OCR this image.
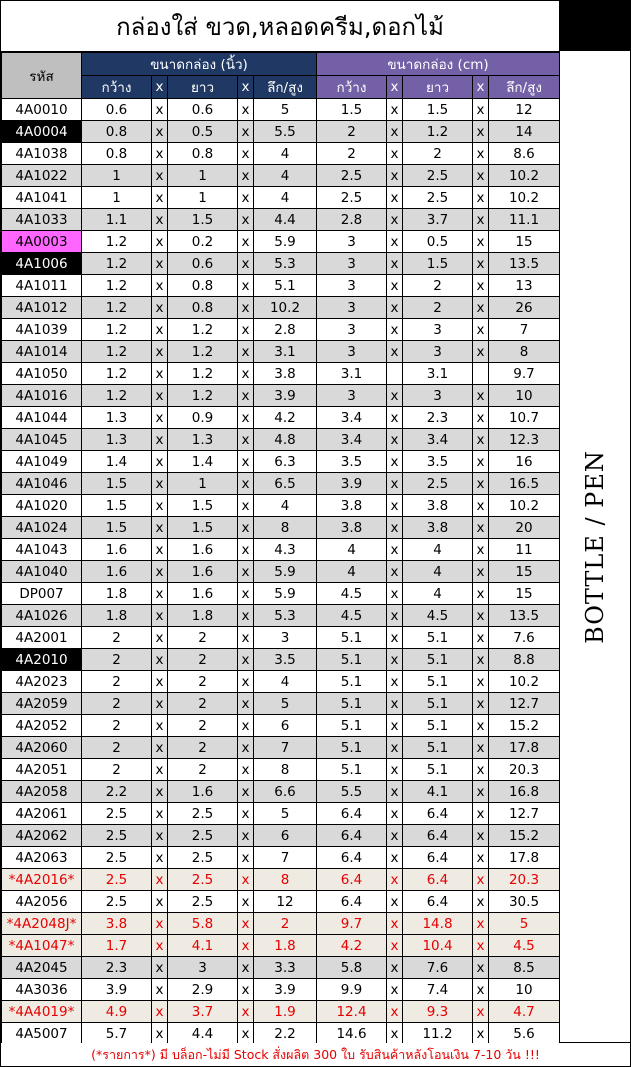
กล่องใส่ ขวด,หลอดครีม,ดอกไม้
รหัส	ขนาดกล่อง (นิ้ว)					ขนาดกล่อง (cm)				
	กว้าง	x	ยาว	x	ลึก/สูง	กว้าง	x	ยาว	x	ลึก/สูง
4A0010	0.6	x	0.6	x	5	1.5	x	1.5	x	12
4A0004	0.8	x	0.5	x	5.5	2	x	1.2	x	14
4A1038	0.8	x	0.8	x	4	2	x	2	x	8.6
4A1022	1	x	1	x	4	2.5	x	2.5	x	10.2
4A1041	1	x	1	x	4	2.5	x	2.5	x	10.2
4A1033	1.1	x	1.5	x	4.4	2.8	x	3.7	x	11.1
4A0003	1.2	x	0.2	x	5.9	3	x	0.5	x	15
4A1006	1.2	x	0.6	x	5.3	3	x	1.5	x	13.5
4A1011	1.2	x	0.8	x	5.1	3	x	2	x	13
4A1012	1.2	x	0.8	x	10.2	3	x	2	x	26
4A1039	1.2	x	1.2	x	2.8	3	x	3	x	7
4A1014	1.2	x	1.2	x	3.1	3	x	3	x	8
4A1050	1.2	x	1.2	x	3.8	3.1		3.1		9.7
4A1016	1.2	x	1.2	x	3.9	3	x	3	x	10
4A1044	1.3	x	0.9	x	4.2	3.4	x	2.3	x	10.7
4A1045	1.3	x	1.3	x	4.8	3.4	x	3.4	x	12.3
4A1049	1.4	x	1.4	x	6.3	3.5	x	3.5	x	16
4A1046	1.5	x	1	x	6.5	3.9	x	2.5	x	16.5
4A1020	1.5	x	1.5	x	4	3.8	x	3.8	x	10.2
4A1024	1.5	x	1.5	x	8	3.8	x	3.8	x	20
4A1043	1.6	x	1.6	x	4.3	4	x	4	x	11
4A1040	1.6	x	1.6	x	5.9	4	x	4	x	15
DP007	1.8	x	1.6	x	5.9	4.5	x	4	x	15
4A1026	1.8	x	1.8	x	5.3	4.5	x	4.5	x	13.5
4A2001	2	x	2	x	3	5.1	x	5.1	x	7.6
4A2010	2	x	2	x	3.5	5.1	x	5.1	x	8.8
4A2023	2	x	2	x	4	5.1	x	5.1	x	10.2
4A2059	2	x	2	x	5	5.1	x	5.1	x	12.7
4A2052	2	x	2	x	6	5.1	x	5.1	x	15.2
4A2060	2	x	2	x	7	5.1	x	5.1	x	17.8
4A2051	2	x	2	x	8	5.1	x	5.1	x	20.3
4A2058	2.2	x	1.6	x	6.6	5.5	x	4.1	x	16.8
4A2061	2.5	x	2.5	x	5	6.4	x	6.4	x	12.7
4A2062	2.5	x	2.5	x	6	6.4	x	6.4	x	15.2
4A2063	2.5	x	2.5	x	7	6.4	x	6.4	x	17.8
*4A2016*	2.5	x	2.5	x	8	6.4	x	6.4	x	20.3
4A2056	2.5	x	2.5	x	12	6.4	x	6.4	x	30.5
*4A2048J*	3.8	x	5.8	x	2	9.7	x	14.8	x	5
*4A1047*	1.7	x	4.1	x	1.8	4.2	x	10.4	x	4.5
4A2045	2.3	x	3	x	3.3	5.8	x	7.6	x	8.5
4A3036	3.9	x	2.9	x	3.9	9.9	x	7.4	x	10
*4A4019*	4.9	x	3.7	x	1.9	12.4	x	9.3	x	4.7
4A5007	5.7	x	4.4	x	2.2	14.6	x	11.2	x	5.6
BOTTLE / PEN
(*รายการ*) มี บล็อก-ไม่มี Stock สั่งผลิต 300 ใบ รับสินค้าหลังโอนเงิน 7-10 วัน !!!
